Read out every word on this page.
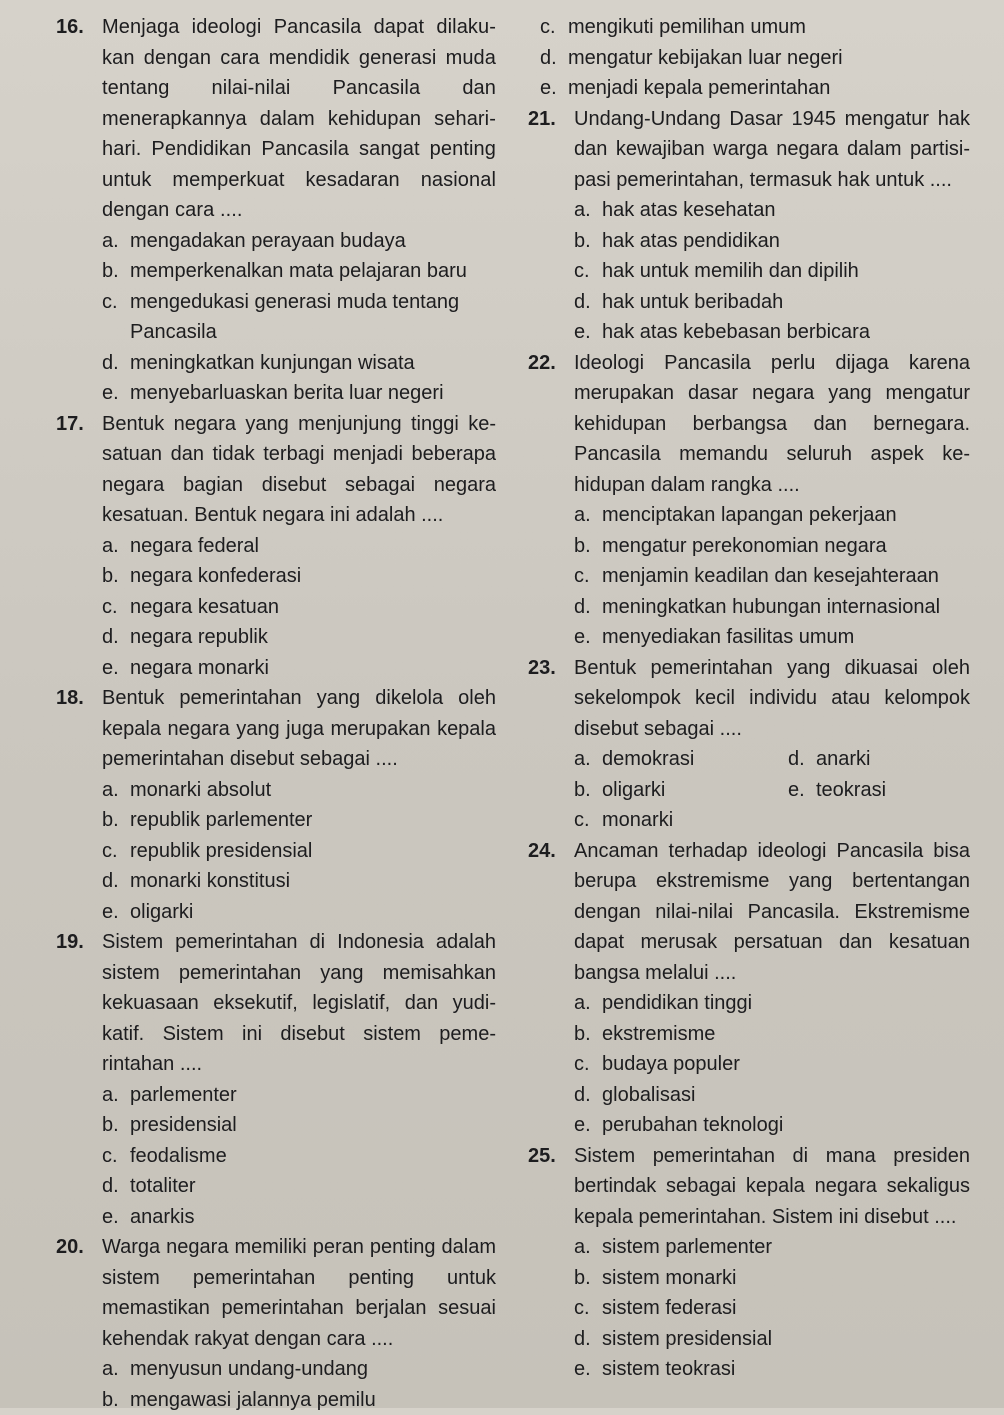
16. Menjaga ideologi Pancasila dapat dilaku-kan dengan cara mendidik generasi muda tentang nilai-nilai Pancasila dan menerapkannya dalam kehidupan sehari-hari. Pendidikan Pancasila sangat penting untuk memperkuat kesadaran nasional dengan cara ....
a. mengadakan perayaan budaya
b. memperkenalkan mata pelajaran baru
c. mengedukasi generasi muda tentang Pancasila
d. meningkatkan kunjungan wisata
e. menyebarluaskan berita luar negeri
17. Bentuk negara yang menjunjung tinggi ke-satuan dan tidak terbagi menjadi beberapa negara bagian disebut sebagai negara kesatuan. Bentuk negara ini adalah ....
a. negara federal
b. negara konfederasi
c. negara kesatuan
d. negara republik
e. negara monarki
18. Bentuk pemerintahan yang dikelola oleh kepala negara yang juga merupakan kepala pemerintahan disebut sebagai ....
a. monarki absolut
b. republik parlementer
c. republik presidensial
d. monarki konstitusi
e. oligarki
19. Sistem pemerintahan di Indonesia adalah sistem pemerintahan yang memisahkan kekuasaan eksekutif, legislatif, dan yudi-katif. Sistem ini disebut sistem peme-rintahan ....
a. parlementer
b. presidensial
c. feodalisme
d. totaliter
e. anarkis
20. Warga negara memiliki peran penting dalam sistem pemerintahan penting untuk memastikan pemerintahan berjalan sesuai kehendak rakyat dengan cara ....
a. menyusun undang-undang
b. mengawasi jalannya pemilu
c. mengikuti pemilihan umum
d. mengatur kebijakan luar negeri
e. menjadi kepala pemerintahan
21. Undang-Undang Dasar 1945 mengatur hak dan kewajiban warga negara dalam partisi-pasi pemerintahan, termasuk hak untuk ....
a. hak atas kesehatan
b. hak atas pendidikan
c. hak untuk memilih dan dipilih
d. hak untuk beribadah
e. hak atas kebebasan berbicara
22. Ideologi Pancasila perlu dijaga karena merupakan dasar negara yang mengatur kehidupan berbangsa dan bernegara. Pancasila memandu seluruh aspek ke-hidupan dalam rangka ....
a. menciptakan lapangan pekerjaan
b. mengatur perekonomian negara
c. menjamin keadilan dan kesejahteraan
d. meningkatkan hubungan internasional
e. menyediakan fasilitas umum
23. Bentuk pemerintahan yang dikuasai oleh sekelompok kecil individu atau kelompok disebut sebagai ....
a. demokrasi	d. anarki
b. oligarki	e. teokrasi
c. monarki
24. Ancaman terhadap ideologi Pancasila bisa berupa ekstremisme yang bertentangan dengan nilai-nilai Pancasila. Ekstremisme dapat merusak persatuan dan kesatuan bangsa melalui ....
a. pendidikan tinggi
b. ekstremisme
c. budaya populer
d. globalisasi
e. perubahan teknologi
25. Sistem pemerintahan di mana presiden bertindak sebagai kepala negara sekaligus kepala pemerintahan. Sistem ini disebut ....
a. sistem parlementer
b. sistem monarki
c. sistem federasi
d. sistem presidensial
e. sistem teokrasi
